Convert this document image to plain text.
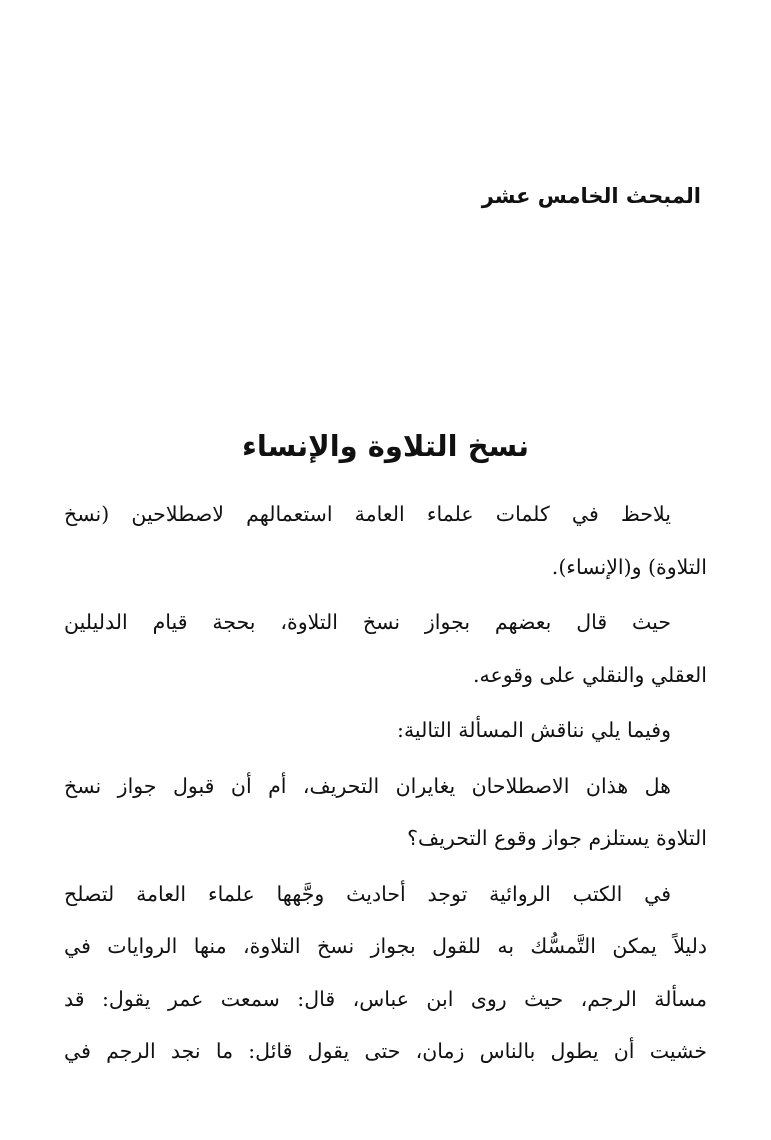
المبحث الخامس عشر
نسخ التلاوة والإنساء
يلاحظ في كلمات علماء العامة استعمالهم لاصطلاحين (نسخ
التلاوة) و(الإنساء).
حيث قال بعضهم بجواز نسخ التلاوة، بحجة قيام الدليلين
العقلي والنقلي على وقوعه.
وفيما يلي نناقش المسألة التالية:
هل هذان الاصطلاحان يغايران التحريف، أم أن قبول جواز نسخ
التلاوة يستلزم جواز وقوع التحريف؟
في الكتب الروائية توجد أحاديث وجَّهها علماء العامة لتصلح
دليلاً يمكن التَّمسُّك به للقول بجواز نسخ التلاوة، منها الروايات في
مسألة الرجم، حيث روى ابن عباس، قال: سمعت عمر يقول: قد
خشيت أن يطول بالناس زمان، حتى يقول قائل: ما نجد الرجم في
